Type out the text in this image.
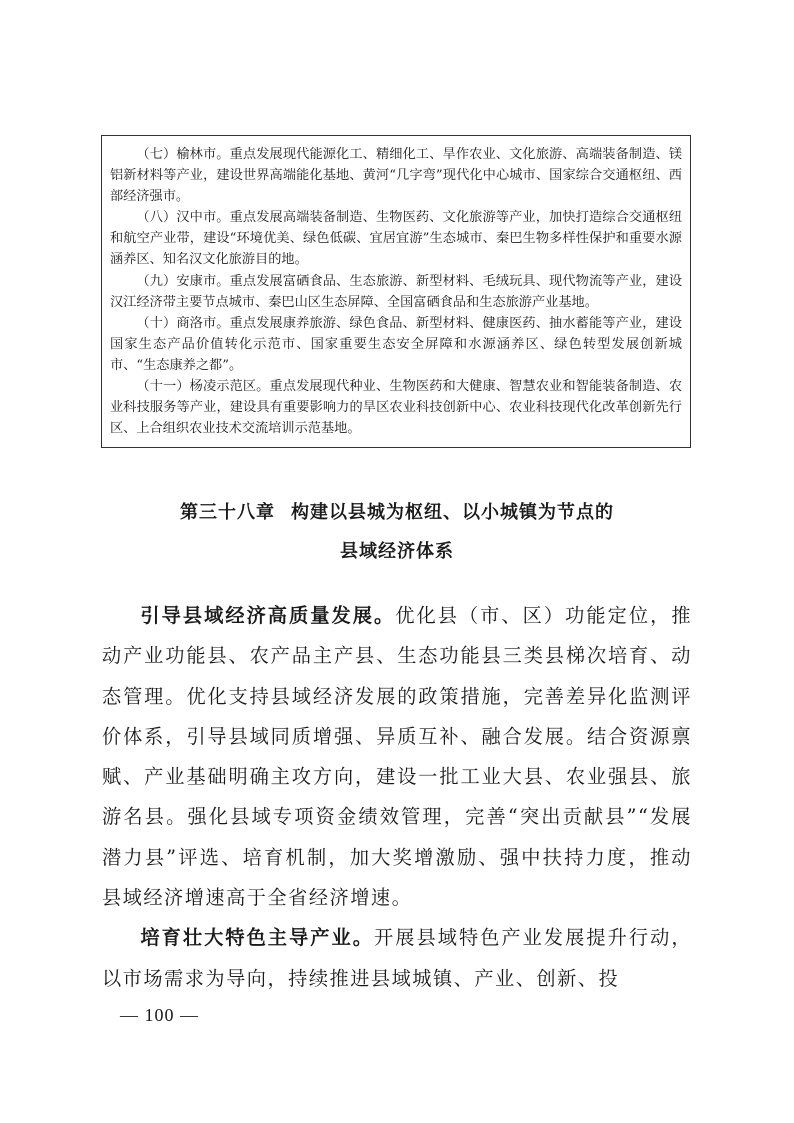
（七）榆林市。重点发展现代能源化工、精细化工、旱作农业、文化旅游、高端装备制造、镁铝新材料等产业，建设世界高端能化基地、黄河“几字弯”现代化中心城市、国家综合交通枢纽、西部经济强市。

（八）汉中市。重点发展高端装备制造、生物医药、文化旅游等产业，加快打造综合交通枢纽和航空产业带，建设“环境优美、绿色低碳、宜居宜游”生态城市、秦巴生物多样性保护和重要水源涵养区、知名汉文化旅游目的地。

（九）安康市。重点发展富硒食品、生态旅游、新型材料、毛绒玩具、现代物流等产业，建设汉江经济带主要节点城市、秦巴山区生态屏障、全国富硒食品和生态旅游产业基地。

（十）商洛市。重点发展康养旅游、绿色食品、新型材料、健康医药、抽水蓄能等产业，建设国家生态产品价值转化示范市、国家重要生态安全屏障和水源涵养区、绿色转型发展创新城市、“生态康养之都”。

（十一）杨凌示范区。重点发展现代种业、生物医药和大健康、智慧农业和智能装备制造、农业科技服务等产业，建设具有重要影响力的旱区农业科技创新中心、农业科技现代化改革创新先行区、上合组织农业技术交流培训示范基地。

第三十八章 构建以县城为枢纽、以小城镇为节点的
县域经济体系

引导县域经济高质量发展。优化县（市、区）功能定位，推动产业功能县、农产品主产县、生态功能县三类县梯次培育、动态管理。优化支持县域经济发展的政策措施，完善差异化监测评价体系，引导县域同质增强、异质互补、融合发展。结合资源禀赋、产业基础明确主攻方向，建设一批工业大县、农业强县、旅游名县。强化县域专项资金绩效管理，完善“突出贡献县”“发展潜力县”评选、培育机制，加大奖增激励、强中扶持力度，推动县域经济增速高于全省经济增速。

培育壮大特色主导产业。开展县域特色产业发展提升行动，以市场需求为导向，持续推进县域城镇、产业、创新、投

— 100 —
